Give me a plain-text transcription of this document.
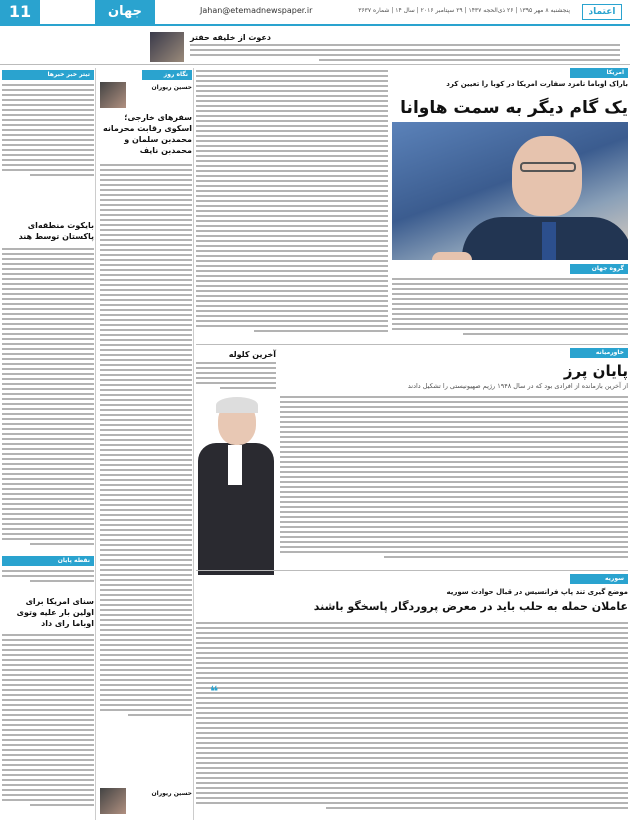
11	جهان	Jahan@etemadnewspaper.ir	پنجشنبه ۸ مهر ۱۳۹۵ | ۲۶ ذی‌الحجه ۱۴۳۷ | ۲۹ سپتامبر ۲۰۱۶ | سال ۱۴ | شماره ۳۶۳۷	اعتماد
دعوت از خلیفه حفتر
تیتر خبر خبرها
بایکوت منطقه‌ای پاکستان توسط هند
نقطه پایان
سنای امریکا برای اولین بار علیه وتوی اوباما رای داد
نگاه روز
حسین ریوران
سفرهای خارجی؛ اسکوی رقابت محرمانه محمدبن سلمان و محمدبن نایف
حسین ریوران
امریکا
باراک اوباما نامزد سفارت امریکا در کوبا را تعیین کرد
یک گام دیگر به سمت هاوانا
گروه جهان
خاورمیانه
پایان پرز
از آخرین بازمانده از افرادی بود که در سال ۱۹۴۸ رژیم صهیونیستی را تشکیل دادند
آخرین کلوله
سوریه
موضع گیری تند پاپ فرانسیس در قبال حوادث سوریه
عاملان حمله به حلب باید در معرض پروردگار پاسخگو باشند
❝
